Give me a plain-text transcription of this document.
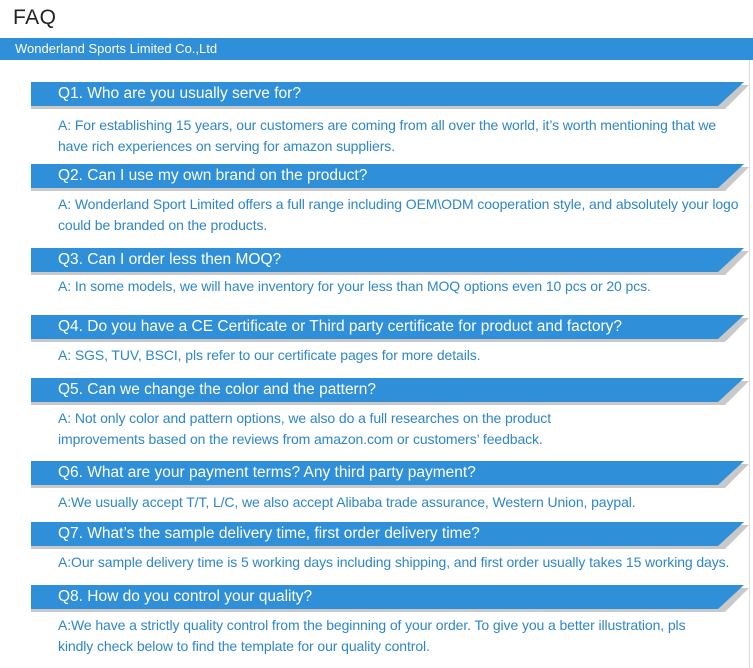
FAQ
Wonderland Sports Limited Co.,Ltd
Q1. Who are you usually serve for?
A: For establishing 15 years, our customers are coming from all over the world, it’s worth mentioning that we have rich experiences on serving for amazon suppliers.
Q2. Can I use my own brand on the product?
A: Wonderland Sport Limited offers a full range including OEM\ODM cooperation style, and absolutely your logo could be branded on the products.
Q3. Can I order less then MOQ?
A: In some models, we will have inventory for your less than MOQ options even 10 pcs or 20 pcs.
Q4. Do you have a CE Certificate or Third party certificate for product and factory?
A: SGS, TUV, BSCI, pls refer to our certificate pages for more details.
Q5. Can we change the color and the pattern?
A: Not only color and pattern options, we also do a full researches on the product improvements based on the reviews from amazon.com or customers’ feedback.
Q6. What are your payment terms? Any third party payment?
A:We usually accept T/T, L/C, we also accept Alibaba trade assurance, Western Union, paypal.
Q7. What’s the sample delivery time, first order delivery time?
A:Our sample delivery time is 5 working days including shipping, and first order usually takes 15 working days.
Q8. How do you control your quality?
A:We have a strictly quality control from the beginning of your order. To give you a better illustration, pls kindly check below to find the template for our quality control.
